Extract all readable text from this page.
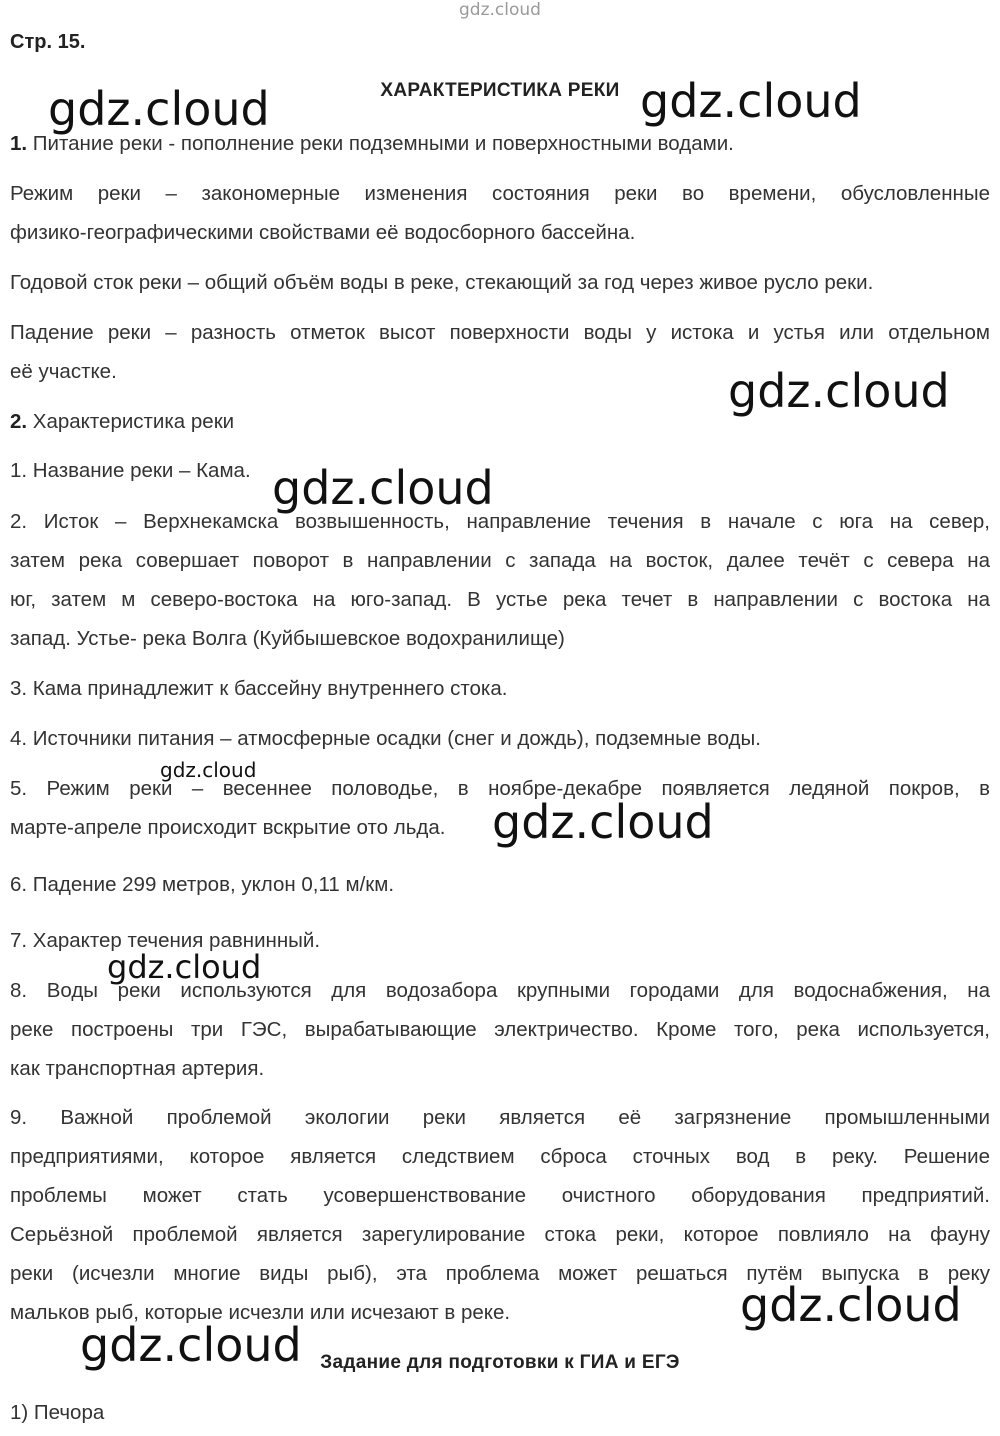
gdz.cloud
Стр. 15.
ХАРАКТЕРИСТИКА РЕКИ
1. Питание реки - пополнение реки подземными и поверхностными водами.
Режим реки – закономерные изменения состояния реки во времени, обусловленные
физико-географическими свойствами её водосборного бассейна.
Годовой сток реки – общий объём воды в реке, стекающий за год через живое русло реки.
Падение реки – разность отметок высот поверхности воды у истока и устья или отдельном
её участке.
2. Характеристика реки
1. Название реки – Кама.
2. Исток – Верхнекамска возвышенность, направление течения в начале с юга на север,
затем река совершает поворот в направлении с запада на восток, далее течёт с севера на
юг, затем м северо-востока на юго-запад. В устье река течет в направлении с востока на
запад. Устье- река Волга (Куйбышевское водохранилище)
3. Кама принадлежит к бассейну внутреннего стока.
4. Источники питания – атмосферные осадки (снег и дождь), подземные воды.
5. Режим реки – весеннее половодье, в ноябре-декабре появляется ледяной покров, в
марте-апреле происходит вскрытие ото льда.
6. Падение 299 метров, уклон 0,11 м/км.
7. Характер течения равнинный.
8. Воды реки используются для водозабора крупными городами для водоснабжения, на
реке построены три ГЭС, вырабатывающие электричество. Кроме того, река используется,
как транспортная артерия.
9. Важной проблемой экологии реки является её загрязнение промышленными
предприятиями, которое является следствием сброса сточных вод в реку. Решение
проблемы может стать усовершенствование очистного оборудования предприятий.
Серьёзной проблемой является зарегулирование стока реки, которое повлияло на фауну
реки (исчезли многие виды рыб), эта проблема может решаться путём выпуска в реку
мальков рыб, которые исчезли или исчезают в реке.
Задание для подготовки к ГИА и ЕГЭ
1) Печора
gdz.cloud	gdz.cloud
gdz.cloud
gdz.cloud
gdz.cloud
gdz.cloud
gdz.cloud
gdz.cloud
gdz.cloud
